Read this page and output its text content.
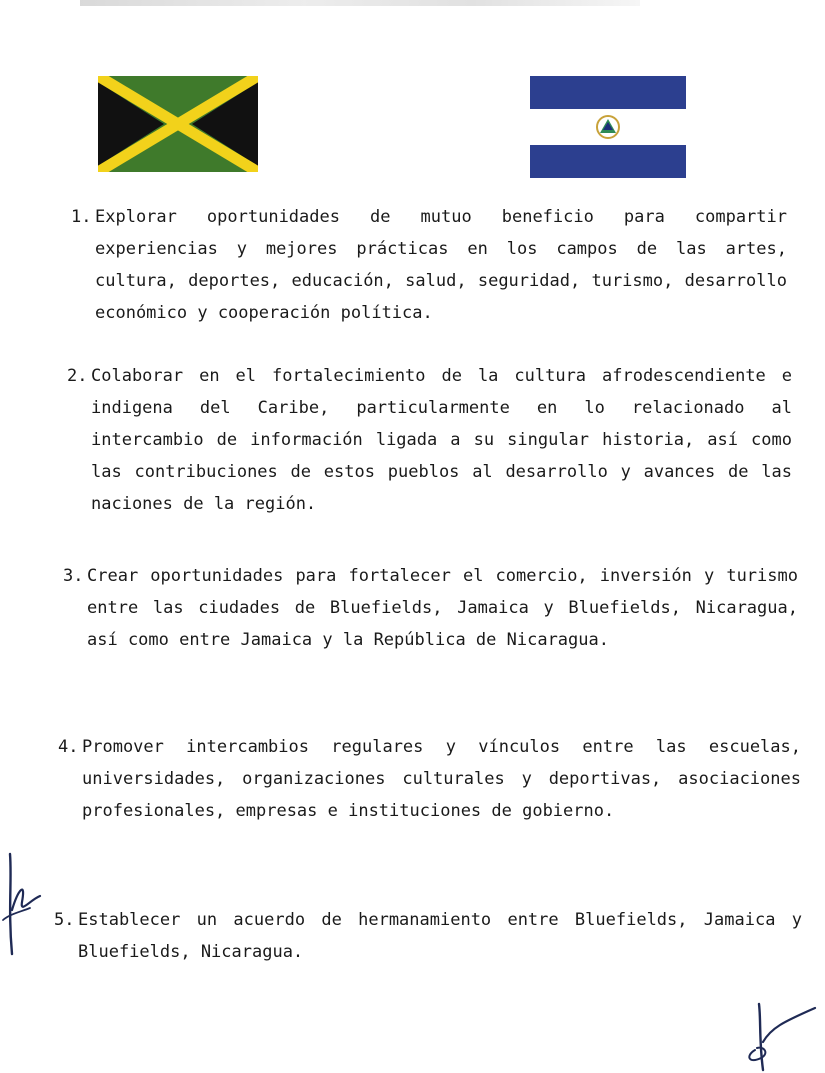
1. Explorar oportunidades de mutuo beneficio para compartir experiencias y mejores prácticas en los campos de las artes, cultura, deportes, educación, salud, seguridad, turismo, desarrollo económico y cooperación política.
2. Colaborar en el fortalecimiento de la cultura afrodescendiente e indigena del Caribe, particularmente en lo relacionado al intercambio de información ligada a su singular historia, así como las contribuciones de estos pueblos al desarrollo y avances de las naciones de la región.
3. Crear oportunidades para fortalecer el comercio, inversión y turismo entre las ciudades de Bluefields, Jamaica y Bluefields, Nicaragua, así como entre Jamaica y la República de Nicaragua.
4. Promover intercambios regulares y vínculos entre las escuelas, universidades, organizaciones culturales y deportivas, asociaciones profesionales, empresas e instituciones de gobierno.
5. Establecer un acuerdo de hermanamiento entre Bluefields, Jamaica y Bluefields, Nicaragua.
